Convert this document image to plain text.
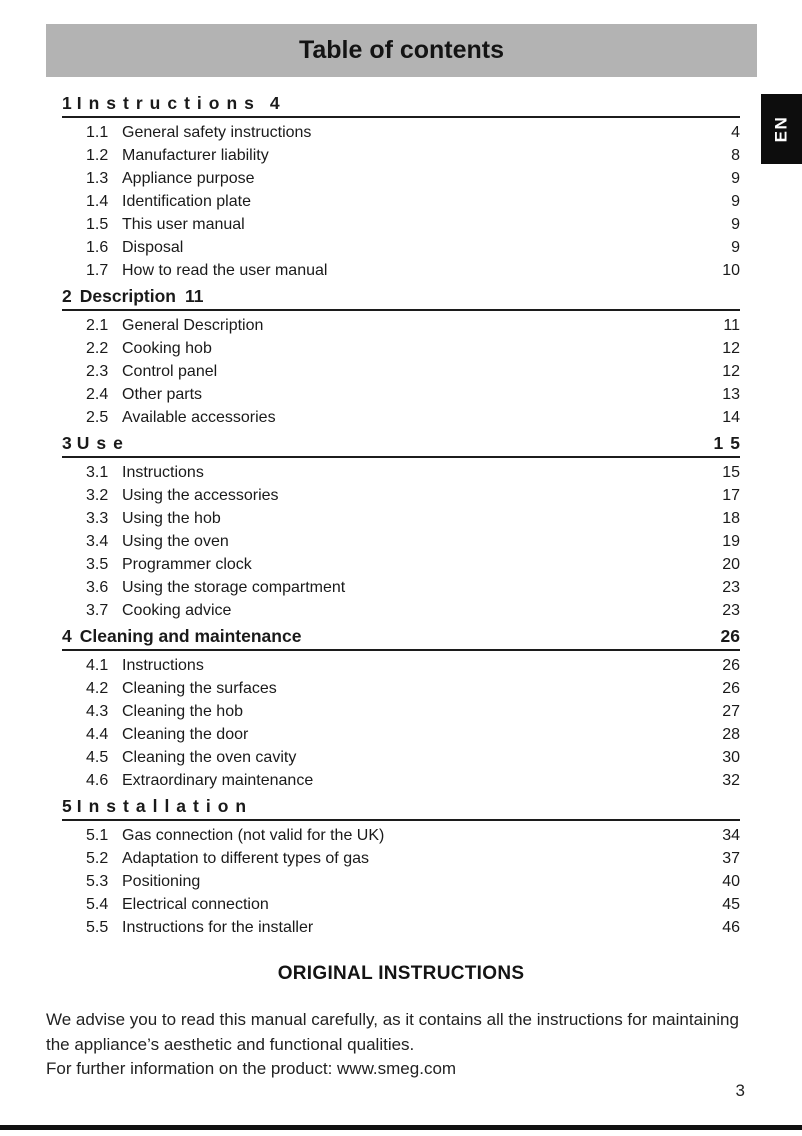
Table of contents
EN
1 Instructions 4
1.1 General safety instructions	4
1.2 Manufacturer liability	8
1.3 Appliance purpose	9
1.4 Identification plate	9
1.5 This user manual	9
1.6 Disposal	9
1.7 How to read the user manual	10
2 Description 11
2.1 General Description	11
2.2 Cooking hob	12
2.3 Control panel	12
2.4 Other parts	13
2.5 Available accessories	14
3 Use	15
3.1 Instructions	15
3.2 Using the accessories	17
3.3 Using the hob	18
3.4 Using the oven	19
3.5 Programmer clock	20
3.6 Using the storage compartment	23
3.7 Cooking advice	23
4 Cleaning and maintenance	26
4.1 Instructions	26
4.2 Cleaning the surfaces	26
4.3 Cleaning the hob	27
4.4 Cleaning the door	28
4.5 Cleaning the oven cavity	30
4.6 Extraordinary maintenance	32
5 Installation
5.1 Gas connection (not valid for the UK)	34
5.2 Adaptation to different types of gas	37
5.3 Positioning	40
5.4 Electrical connection	45
5.5 Instructions for the installer	46
ORIGINAL INSTRUCTIONS
We advise you to read this manual carefully, as it contains all the instructions for maintaining the appliance’s aesthetic and functional qualities.
For further information on the product: www.smeg.com
3
